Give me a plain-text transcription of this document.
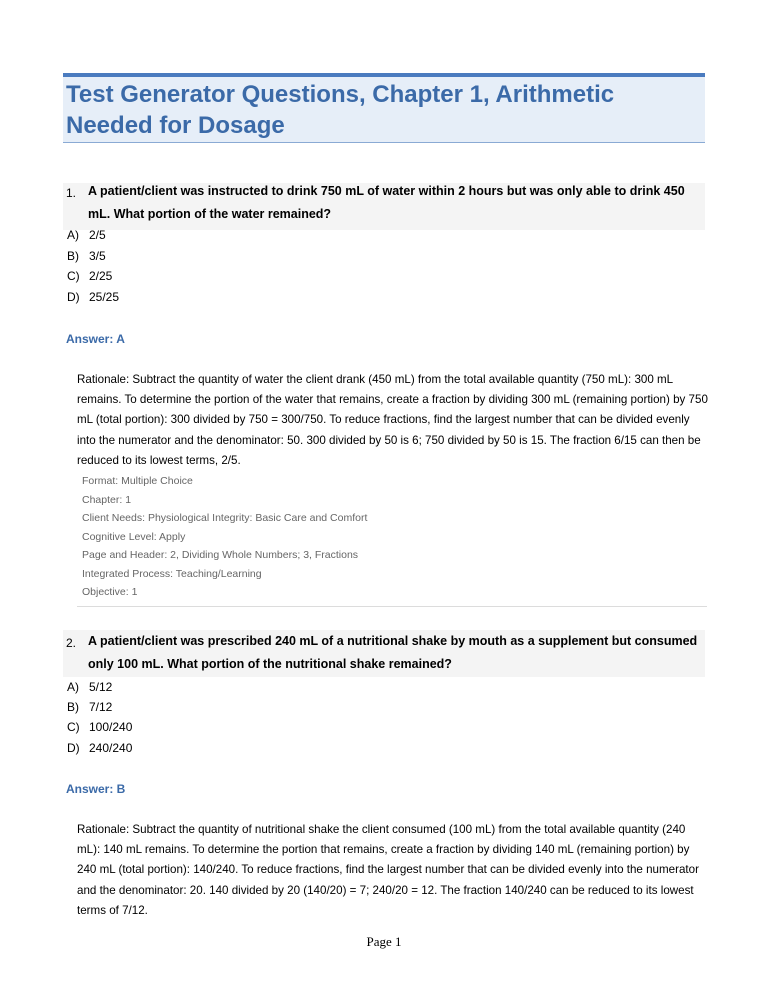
Test Generator Questions, Chapter 1, Arithmetic Needed for Dosage
1. A patient/client was instructed to drink 750 mL of water within 2 hours but was only able to drink 450 mL. What portion of the water remained?
A) 2/5
B) 3/5
C) 2/25
D) 25/25
Answer: A
Rationale: Subtract the quantity of water the client drank (450 mL) from the total available quantity (750 mL): 300 mL remains. To determine the portion of the water that remains, create a fraction by dividing 300 mL (remaining portion) by 750 mL (total portion): 300 divided by 750 = 300/750. To reduce fractions, find the largest number that can be divided evenly into the numerator and the denominator: 50. 300 divided by 50 is 6; 750 divided by 50 is 15. The fraction 6/15 can then be reduced to its lowest terms, 2/5.
Format: Multiple Choice
Chapter: 1
Client Needs: Physiological Integrity: Basic Care and Comfort
Cognitive Level: Apply
Page and Header: 2, Dividing Whole Numbers; 3, Fractions
Integrated Process: Teaching/Learning
Objective: 1
2. A patient/client was prescribed 240 mL of a nutritional shake by mouth as a supplement but consumed only 100 mL. What portion of the nutritional shake remained?
A) 5/12
B) 7/12
C) 100/240
D) 240/240
Answer: B
Rationale: Subtract the quantity of nutritional shake the client consumed (100 mL) from the total available quantity (240 mL): 140 mL remains. To determine the portion that remains, create a fraction by dividing 140 mL (remaining portion) by 240 mL (total portion): 140/240. To reduce fractions, find the largest number that can be divided evenly into the numerator and the denominator: 20. 140 divided by 20 (140/20) = 7; 240/20 = 12. The fraction 140/240 can be reduced to its lowest terms of 7/12.
Page 1
